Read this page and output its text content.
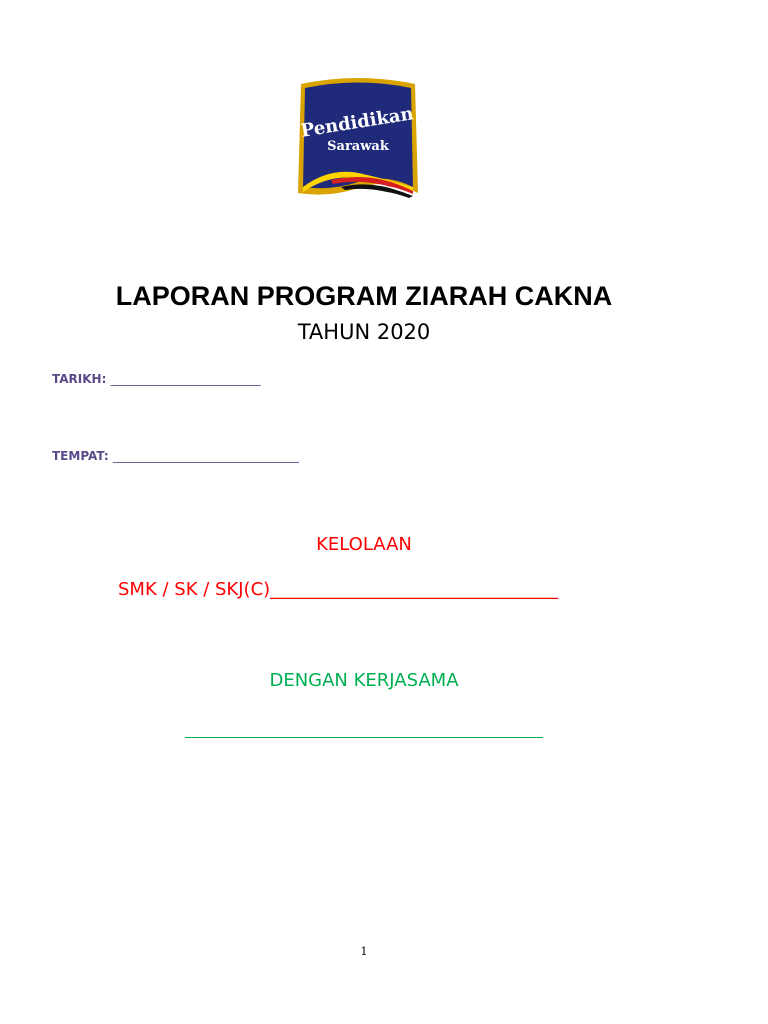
Pendidikan
Sarawak
LAPORAN PROGRAM ZIARAH CAKNA
TAHUN 2020
TARIKH: _________________________
TEMPAT: _______________________________
KELOLAAN
SMK / SK / SKJ(C)________________________________
DENGAN KERJASAMA
1
